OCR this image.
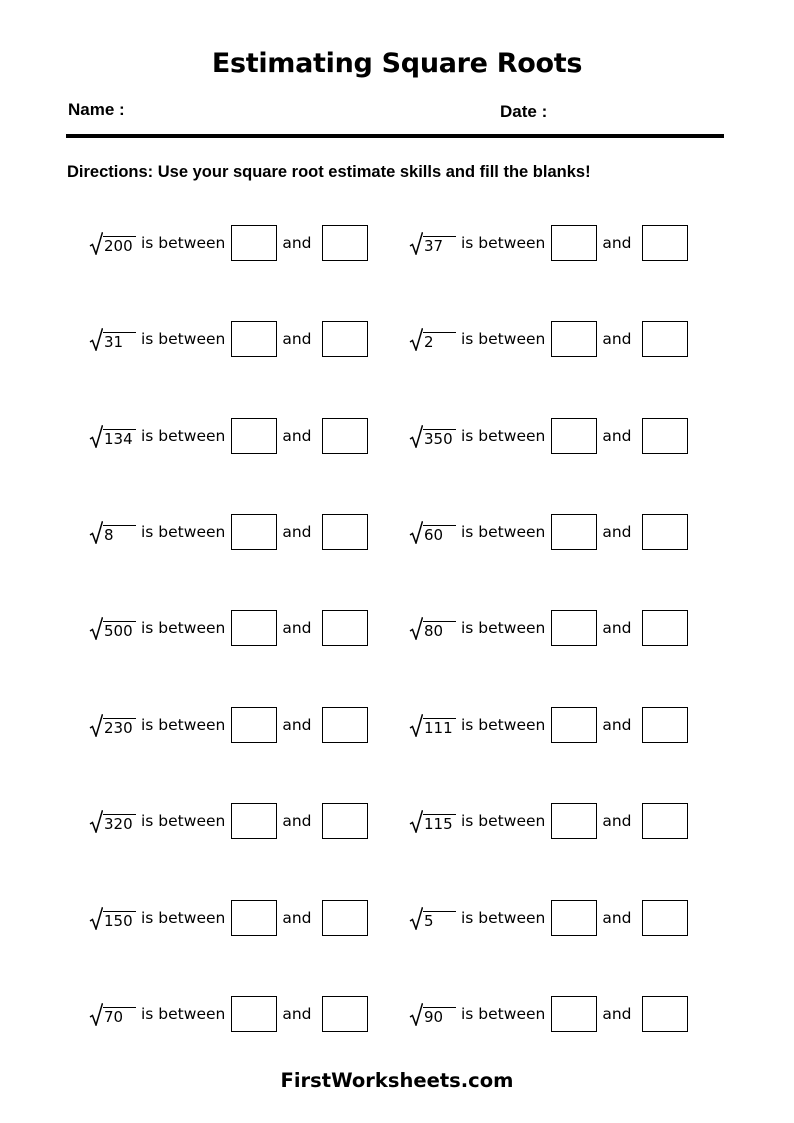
Estimating Square Roots
Name :	Date :
Directions: Use your square root estimate skills and fill the blanks!
200 is between	and
31	is between	and
134 is between	and
8	is between	and
500 is between	and
230 is between	and
320 is between	and
150 is between	and
70	is between	and
37	is between	and
2	is between	and
350 is between	and
60	is between	and
80	is between	and
111 is between	and
115 is between	and
5	is between	and
90	is between	and
FirstWorksheets.com
